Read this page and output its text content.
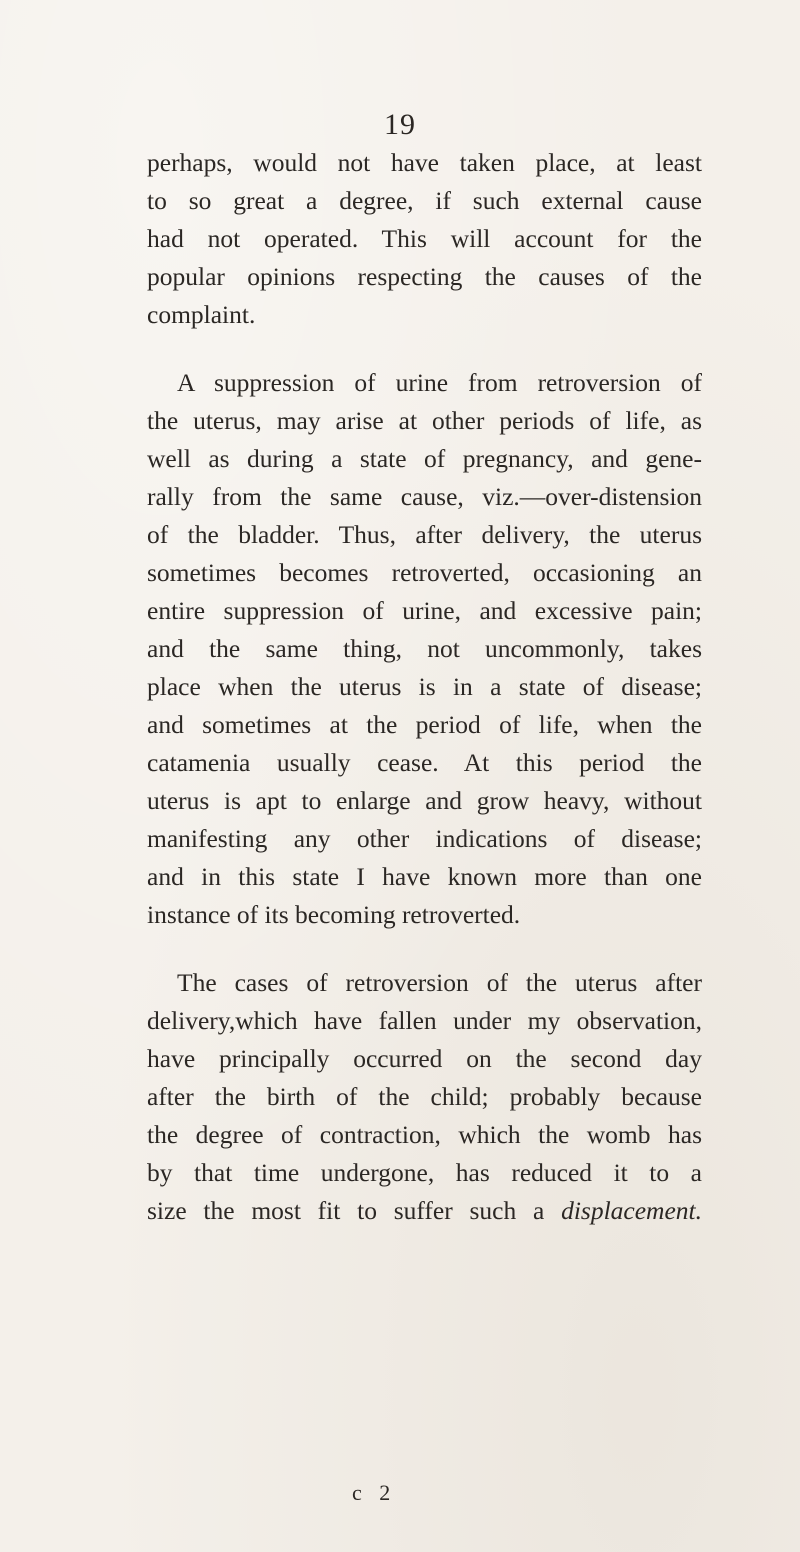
19
perhaps, would not have taken place, at least
to so great a degree, if such external cause
had not operated. This will account for the
popular opinions respecting the causes of the
complaint.
A suppression of urine from retroversion of
the uterus, may arise at other periods of life, as
well as during a state of pregnancy, and gene-
rally from the same cause, viz.—over-distension
of the bladder. Thus, after delivery, the uterus
sometimes becomes retroverted, occasioning an
entire suppression of urine, and excessive pain;
and the same thing, not uncommonly, takes
place when the uterus is in a state of disease;
and sometimes at the period of life, when the
catamenia usually cease. At this period the
uterus is apt to enlarge and grow heavy, without
manifesting any other indications of disease;
and in this state I have known more than one
instance of its becoming retroverted.
The cases of retroversion of the uterus after
delivery,which have fallen under my observation,
have principally occurred on the second day
after the birth of the child; probably because
the degree of contraction, which the womb has
by that time undergone, has reduced it to a
size the most fit to suffer such a displacement.
c 2
